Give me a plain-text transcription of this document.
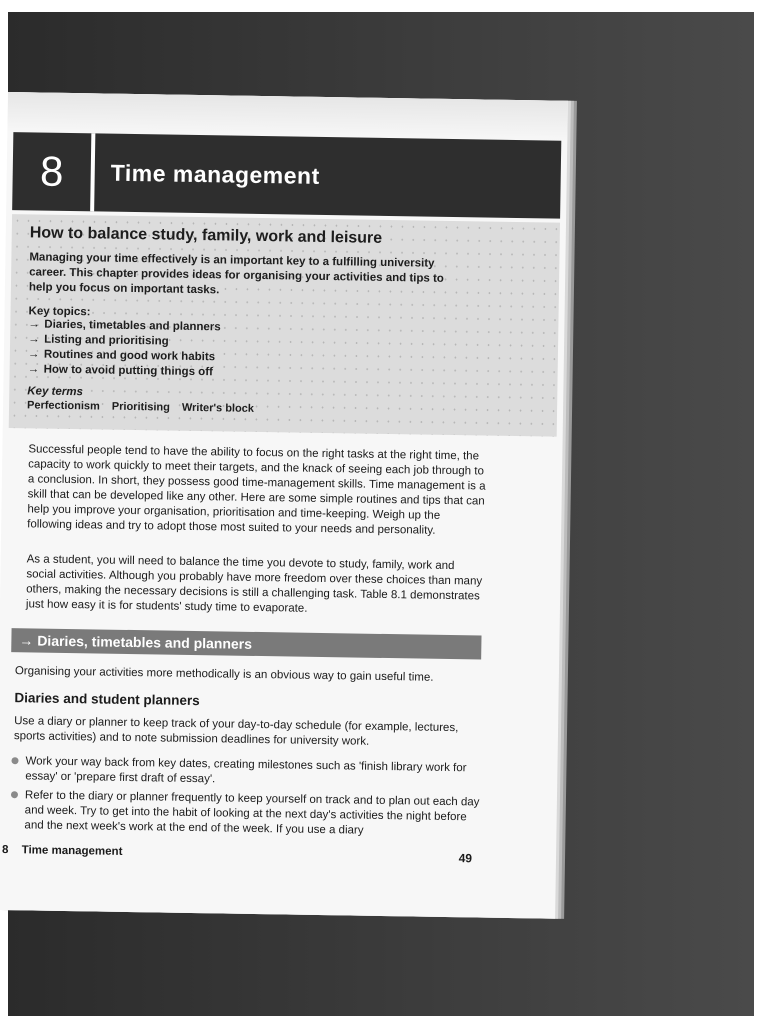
8	Time management
How to balance study, family, work and leisure

Managing your time effectively is an important key to a fulfilling university career. This chapter provides ideas for organising your activities and tips to help you focus on important tasks.

Key topics:

→ Diaries, timetables and planners
→ Listing and prioritising
→ Routines and good work habits
→ How to avoid putting things off

Key terms

Perfectionism Prioritising Writer's block

Successful people tend to have the ability to focus on the right tasks at the right time, the capacity to work quickly to meet their targets, and the knack of seeing each job through to a conclusion. In short, they possess good time-management skills. Time management is a skill that can be developed like any other. Here are some simple routines and tips that can help you improve your organisation, prioritisation and time-keeping. Weigh up the following ideas and try to adopt those most suited to your needs and personality.

As a student, you will need to balance the time you devote to study, family, work and social activities. Although you probably have more freedom over these choices than many others, making the necessary decisions is still a challenging task. Table 8.1 demonstrates just how easy it is for students' study time to evaporate.

→ Diaries, timetables and planners

Organising your activities more methodically is an obvious way to gain useful time.

Diaries and student planners

Use a diary or planner to keep track of your day-to-day schedule (for example, lectures, sports activities) and to note submission deadlines for university work.

Work your way back from key dates, creating milestones such as 'finish library work for essay' or 'prepare first draft of essay'.
Refer to the diary or planner frequently to keep yourself on track and to plan out each day and week. Try to get into the habit of looking at the next day's activities the night before and the next week's work at the end of the week. If you use a diary
8 Time management
49
